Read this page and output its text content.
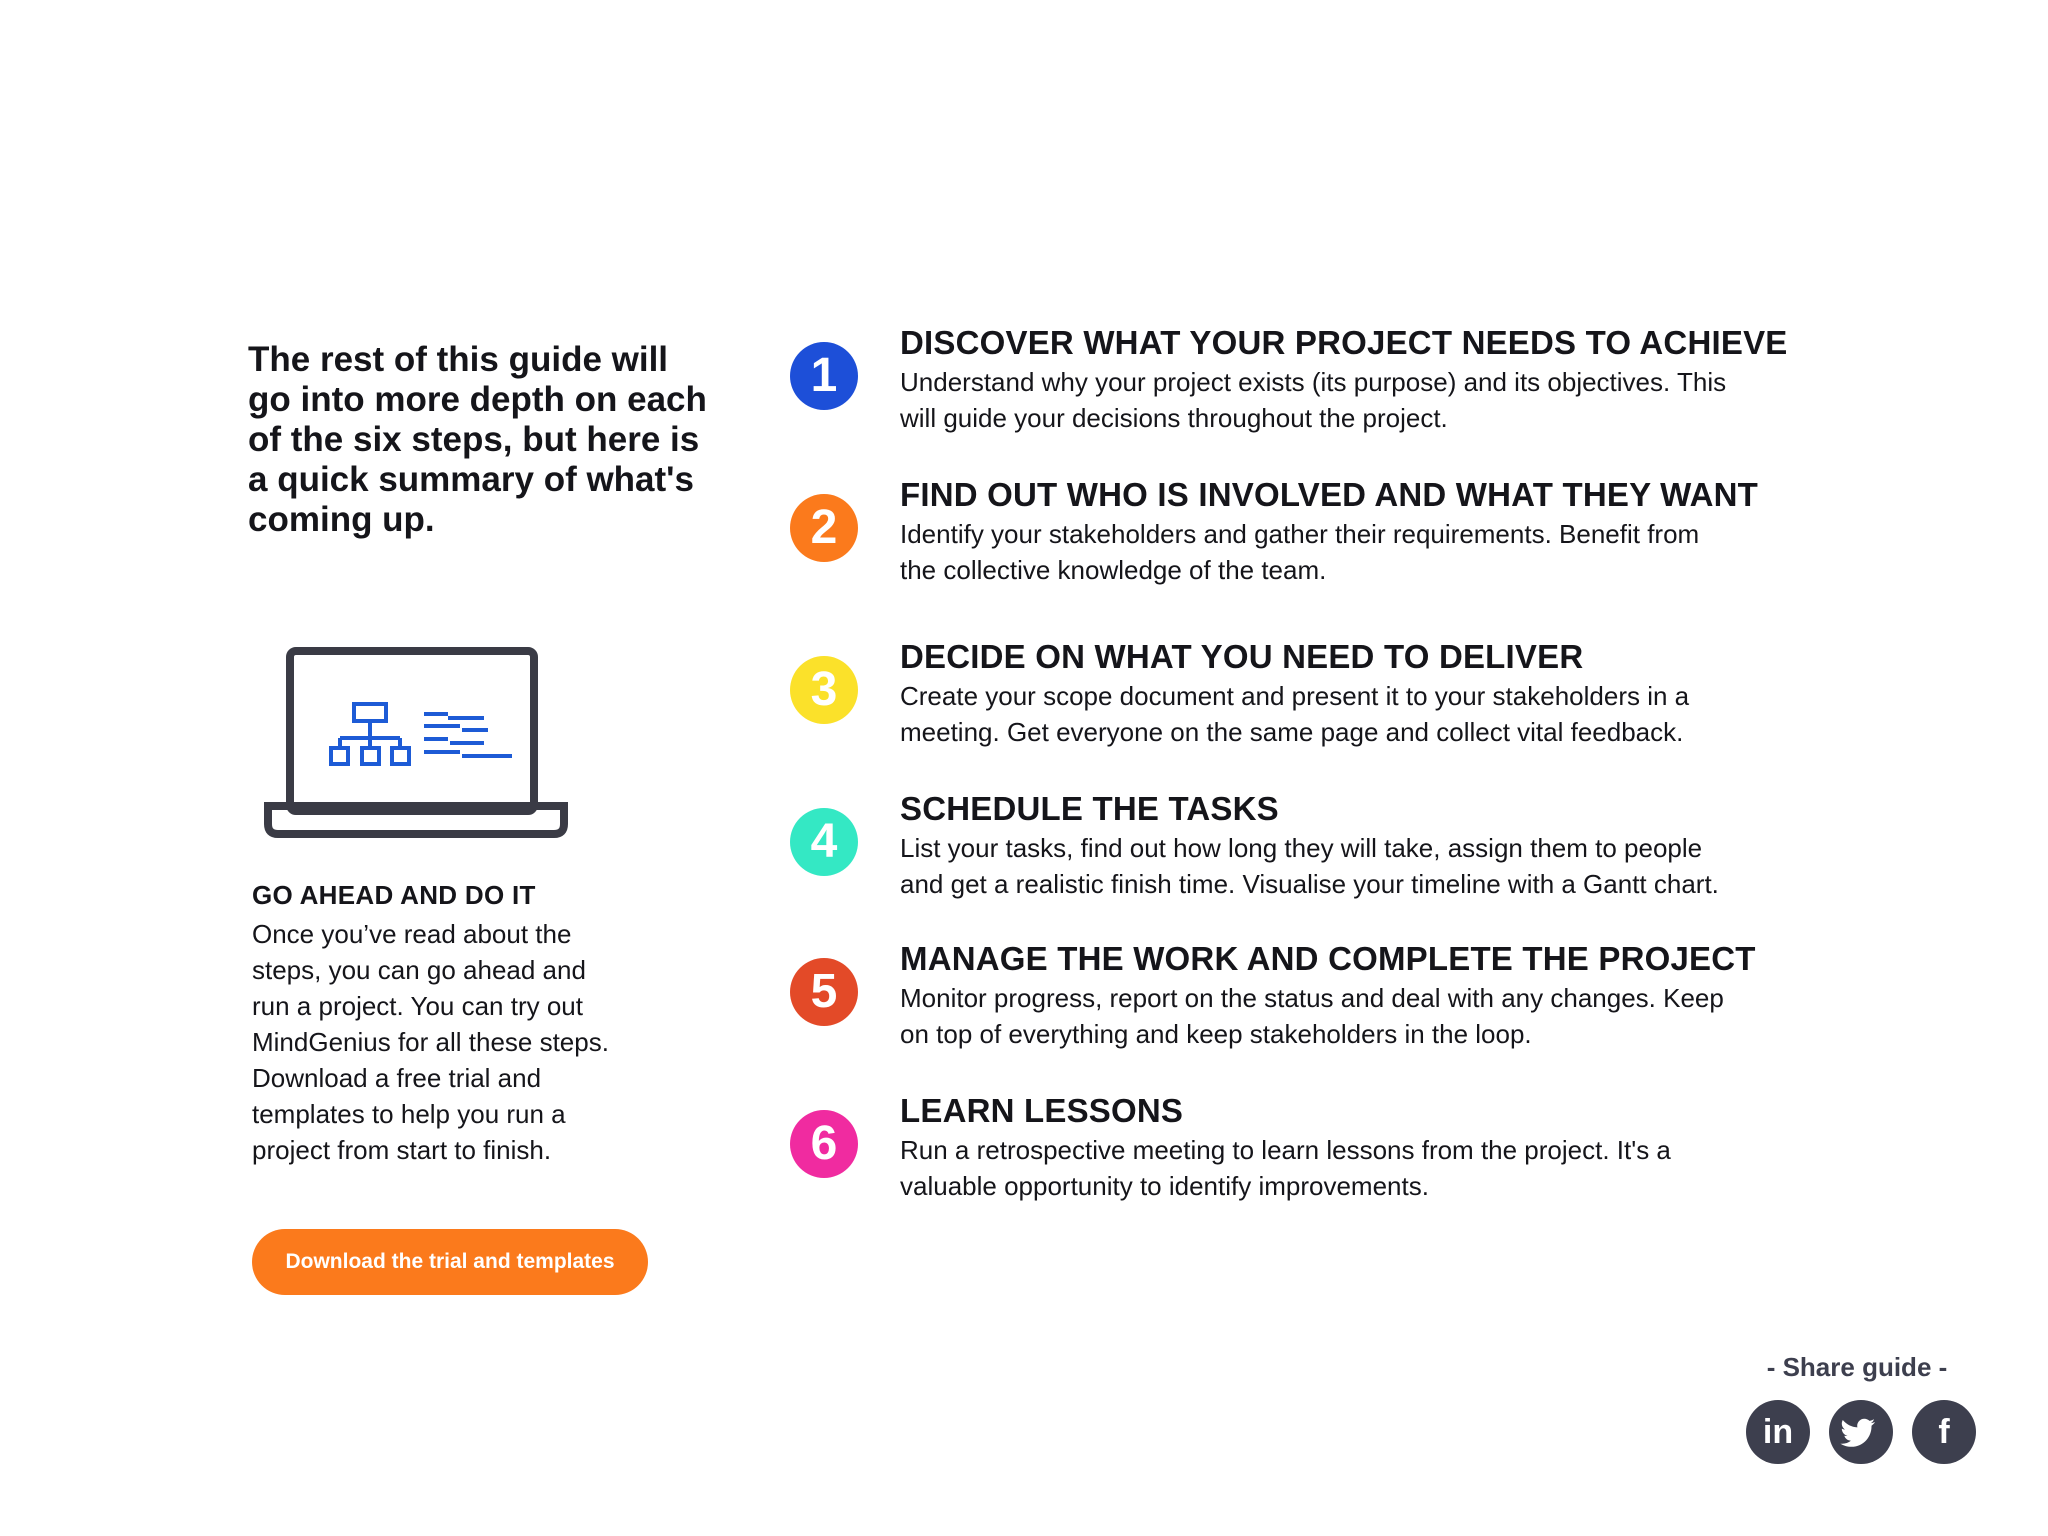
The rest of this guide will
go into more depth on each
of the six steps, but here is
a quick summary of what's
coming up.

GO AHEAD AND DO IT

Once you’ve read about the
steps, you can go ahead and
run a project. You can try out
MindGenius for all these steps.
Download a free trial and
templates to help you run a
project from start to finish.

Download the trial and templates
1
DISCOVER WHAT YOUR PROJECT NEEDS TO ACHIEVE

Understand why your project exists (its purpose) and its objectives. This
will guide your decisions throughout the project.

2
FIND OUT WHO IS INVOLVED AND WHAT THEY WANT

Identify your stakeholders and gather their requirements. Benefit from
the collective knowledge of the team.

3
DECIDE ON WHAT YOU NEED TO DELIVER

Create your scope document and present it to your stakeholders in a
meeting. Get everyone on the same page and collect vital feedback.

4
SCHEDULE THE TASKS

List your tasks, find out how long they will take, assign them to people
and get a realistic finish time. Visualise your timeline with a Gantt chart.

5
MANAGE THE WORK AND COMPLETE THE PROJECT

Monitor progress, report on the status and deal with any changes. Keep
on top of everything and keep stakeholders in the loop.

6
LEARN LESSONS

Run a retrospective meeting to learn lessons from the project. It's a
valuable opportunity to identify improvements.

- Share guide -
in	f
